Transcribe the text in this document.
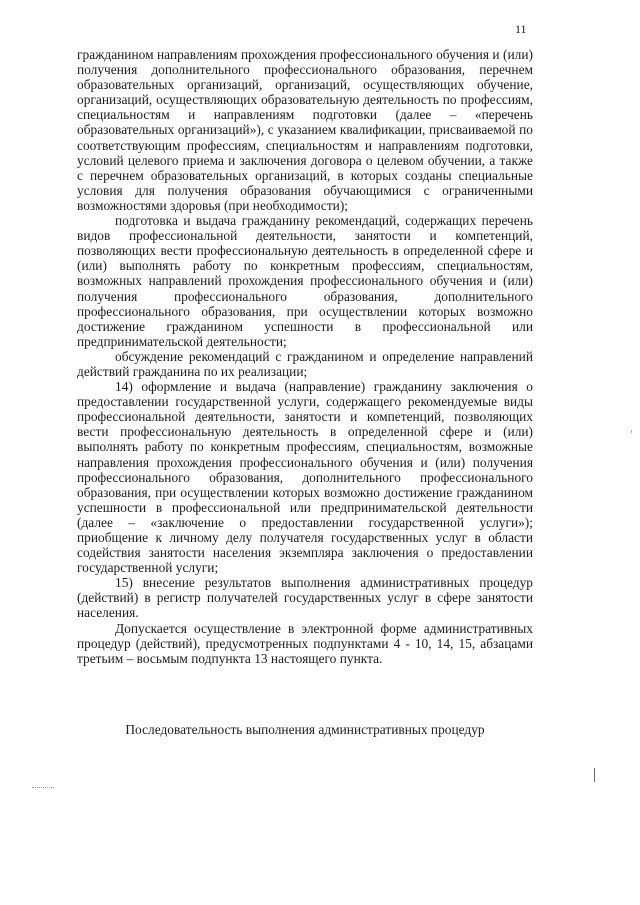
11

гражданином направлениям прохождения профессионального обучения и (или) получения дополнительного профессионального образования, перечнем образовательных организаций, организаций, осуществляющих обучение, организаций, осуществляющих образовательную деятельность по профессиям, специальностям и направлениям подготовки (далее – «перечень образовательных организаций»), с указанием квалификации, присваиваемой по соответствующим профессиям, специальностям и направлениям подготовки, условий целевого приема и заключения договора о целевом обучении, а также с перечнем образовательных организаций, в которых созданы специальные условия для получения образования обучающимися с ограниченными возможностями здоровья (при необходимости);

подготовка и выдача гражданину рекомендаций, содержащих перечень видов профессиональной деятельности, занятости и компетенций, позволяющих вести профессиональную деятельность в определенной сфере и (или) выполнять работу по конкретным профессиям, специальностям, возможных направлений прохождения профессионального обучения и (или) получения профессионального образования, дополнительного профессионального образования, при осуществлении которых возможно достижение гражданином успешности в профессиональной или предпринимательской деятельности;

обсуждение рекомендаций с гражданином и определение направлений действий гражданина по их реализации;

14) оформление и выдача (направление) гражданину заключения о предоставлении государственной услуги, содержащего рекомендуемые виды профессиональной деятельности, занятости и компетенций, позволяющих вести профессиональную деятельность в определенной сфере и (или) выполнять работу по конкретным профессиям, специальностям, возможные направления прохождения профессионального обучения и (или) получения профессионального образования, дополнительного профессионального образования, при осуществлении которых возможно достижение гражданином успешности в профессиональной или предпринимательской деятельности (далее – «заключение о предоставлении государственной услуги»); приобщение к личному делу получателя государственных услуг в области содействия занятости населения экземпляра заключения о предоставлении государственной услуги;

15) внесение результатов выполнения административных процедур (действий) в регистр получателей государственных услуг в сфере занятости населения.

Допускается осуществление в электронной форме административных процедур (действий), предусмотренных подпунктами 4 - 10, 14, 15, абзацами третьим – восьмым подпункта 13 настоящего пункта.

Последовательность выполнения административных процедур
